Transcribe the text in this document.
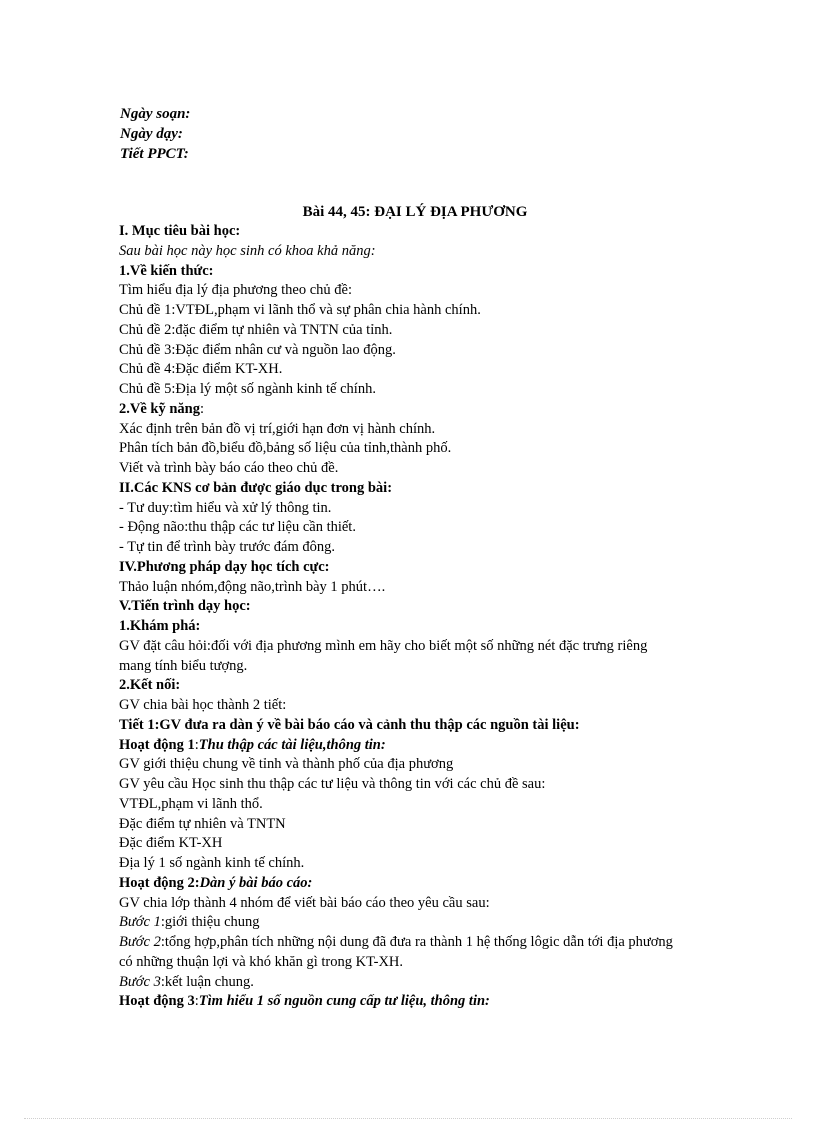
Ngày soạn:
Ngày dạy:
Tiết PPCT:
Bài 44, 45: ĐẠI LÝ ĐỊA PHƯƠNG

I. Mục tiêu bài học:

Sau bài học này học sinh có khoa khả năng:

1.Về kiến thức:

Tìm hiểu địa lý địa phương theo chủ đề:

Chủ đề 1:VTĐL,phạm vi lãnh thổ và sự phân chia hành chính.

Chủ đề 2:đặc điểm tự nhiên và TNTN của tỉnh.

Chủ đề 3:Đặc điểm nhân cư và nguồn lao động.

Chủ đề 4:Đặc điểm KT-XH.

Chủ đề 5:Địa lý một số ngành kinh tế chính.

2.Về kỹ năng:

Xác định trên bản đồ vị trí,giới hạn đơn vị hành chính.

Phân tích bản đồ,biểu đồ,bảng số liệu của tỉnh,thành phố.

Viết và trình bày báo cáo theo chủ đề.

II.Các KNS cơ bản được giáo dục trong bài:

- Tư duy:tìm hiểu và xử lý thông tin.

- Động não:thu thập các tư liệu cần thiết.

- Tự tin để trình bày trước đám đông.

IV.Phương pháp dạy học tích cực:

Thảo luận nhóm,động não,trình bày 1 phút….

V.Tiến trình dạy học:

1.Khám phá:

GV đặt câu hỏi:đối với địa phương mình em hãy cho biết một số những nét đặc trưng riêng mang tính biểu tượng.

2.Kết nối:

GV chia bài học thành 2 tiết:

Tiết 1:GV đưa ra dàn ý về bài báo cáo và cảnh thu thập các nguồn tài liệu:

Hoạt động 1:Thu thập các tài liệu,thông tin:

GV giới thiệu chung về tỉnh và thành phố của địa phương

GV yêu cầu Học sinh thu thập các tư liệu và thông tin với các chủ đề sau:

VTĐL,phạm vi lãnh thổ.

Đặc điểm tự nhiên và TNTN

Đặc điểm KT-XH

Địa lý 1 số ngành kinh tế chính.

Hoạt động 2:Dàn ý bài báo cáo:

GV chia lớp thành 4 nhóm để viết bài báo cáo theo yêu cầu sau:

Bước 1:giới thiệu chung

Bước 2:tổng hợp,phân tích những nội dung đã đưa ra thành 1 hệ thống lôgic dẫn tới địa phương có những thuận lợi và khó khăn gì trong KT-XH.

Bước 3:kết luận chung.

Hoạt động 3:Tìm hiểu 1 số nguồn cung cấp tư liệu, thông tin:
